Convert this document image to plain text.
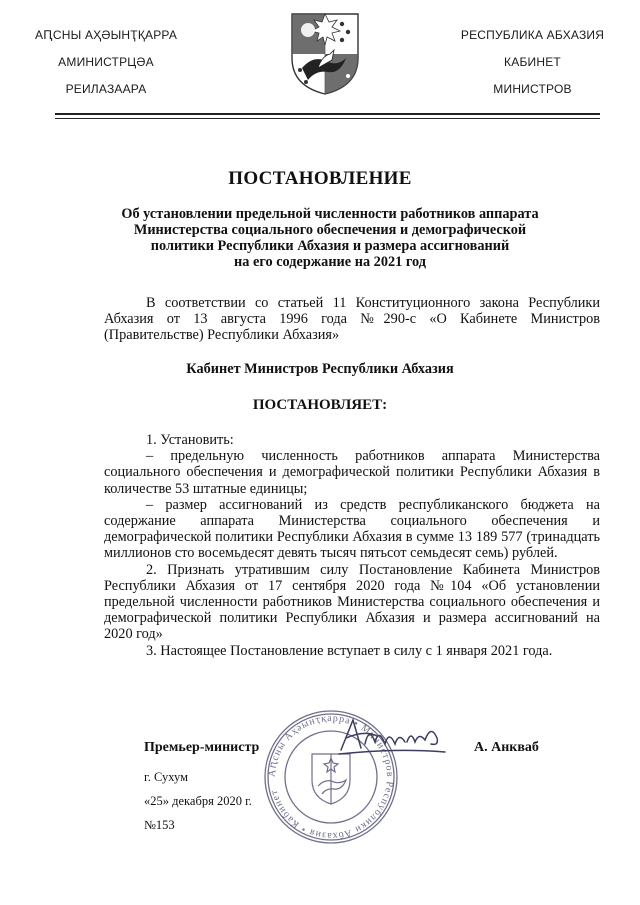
АԤСНЫ АҲӘЫНҬҚАРРА
АМИНИСТРЦӘА
РЕИЛАЗААРА
РЕСПУБЛИКА АБХАЗИЯ
КАБИНЕТ
МИНИСТРОВ
ПОСТАНОВЛЕНИЕ
Об установлении предельной численности работников аппарата
Министерства социального обеспечения и демографической
политики Республики Абхазия и размера ассигнований
на его содержание на 2021 год
В соответствии со статьей 11 Конституционного закона Республики Абхазия от 13 августа 1996 года №290-с «О Кабинете Министров (Правительстве) Республики Абхазия»
Кабинет Министров Республики Абхазия
ПОСТАНОВЛЯЕТ:

1. Установить:

– предельную численность работников аппарата Министерства социального обеспечения и демографической политики Республики Абхазия в количестве 53 штатные единицы;

– размер ассигнований из средств республиканского бюджета на содержание аппарата Министерства социального обеспечения и демографической политики Республики Абхазия в сумме 13 189 577 (тринадцать миллионов сто восемьдесят девять тысяч пятьсот семьдесят семь) рублей.

2. Признать утратившим силу Постановление Кабинета Министров Республики Абхазия от 17 сентября 2020 года №104 «Об установлении предельной численности работников Министерства социального обеспечения и демографической политики Республики Абхазия и размера ассигнований на 2020 год»

3. Настоящее Постановление вступает в силу с 1 января 2021 года.

Аԥсны Аҳәынҭқарра • Министров Республики Абхазия • Кабинет
Премьер-министр	А. Анкваб
г. Сухум
«25» декабря 2020 г.
№153
